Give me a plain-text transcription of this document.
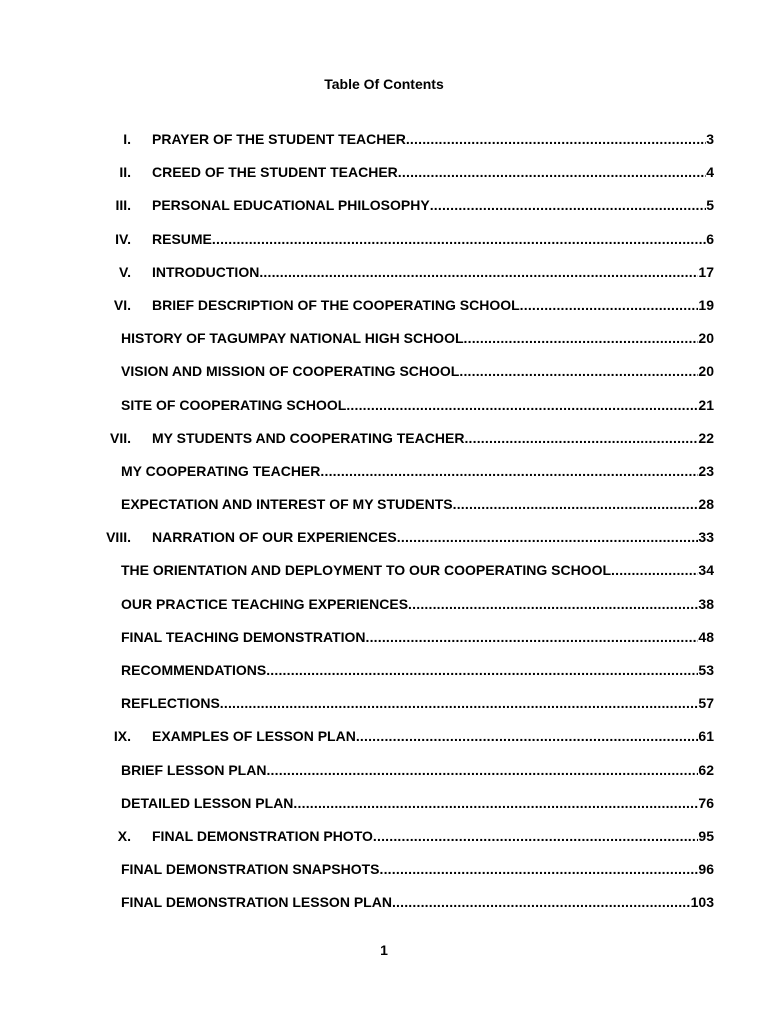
Table Of Contents
I. PRAYER OF THE STUDENT TEACHER .....	3
II. CREED OF THE STUDENT TEACHER .....	4
III. PERSONAL EDUCATIONAL PHILOSOPHY .....	5
IV. RESUME .....	6
V. INTRODUCTION .....	17
VI. BRIEF DESCRIPTION OF THE COOPERATING SCHOOL .....	19
HISTORY OF TAGUMPAY NATIONAL HIGH SCHOOL .....	20
VISION AND MISSION OF COOPERATING SCHOOL .....	20
SITE OF COOPERATING SCHOOL .....	21
VII. MY STUDENTS AND COOPERATING TEACHER .....	22
MY COOPERATING TEACHER .....	23
EXPECTATION AND INTEREST OF MY STUDENTS .....	28
VIII. NARRATION OF OUR EXPERIENCES .....	33
THE ORIENTATION AND DEPLOYMENT TO OUR COOPERATING SCHOOL .....	34
OUR PRACTICE TEACHING EXPERIENCES .....	38
FINAL TEACHING DEMONSTRATION .....	48
RECOMMENDATIONS .....	53
REFLECTIONS .....	57
IX. EXAMPLES OF LESSON PLAN .....	61
BRIEF LESSON PLAN .....	62
DETAILED LESSON PLAN .....	76
X. FINAL DEMONSTRATION PHOTO .....	95
FINAL DEMONSTRATION SNAPSHOTS .....	96
FINAL DEMONSTRATION LESSON PLAN .....	103
1
